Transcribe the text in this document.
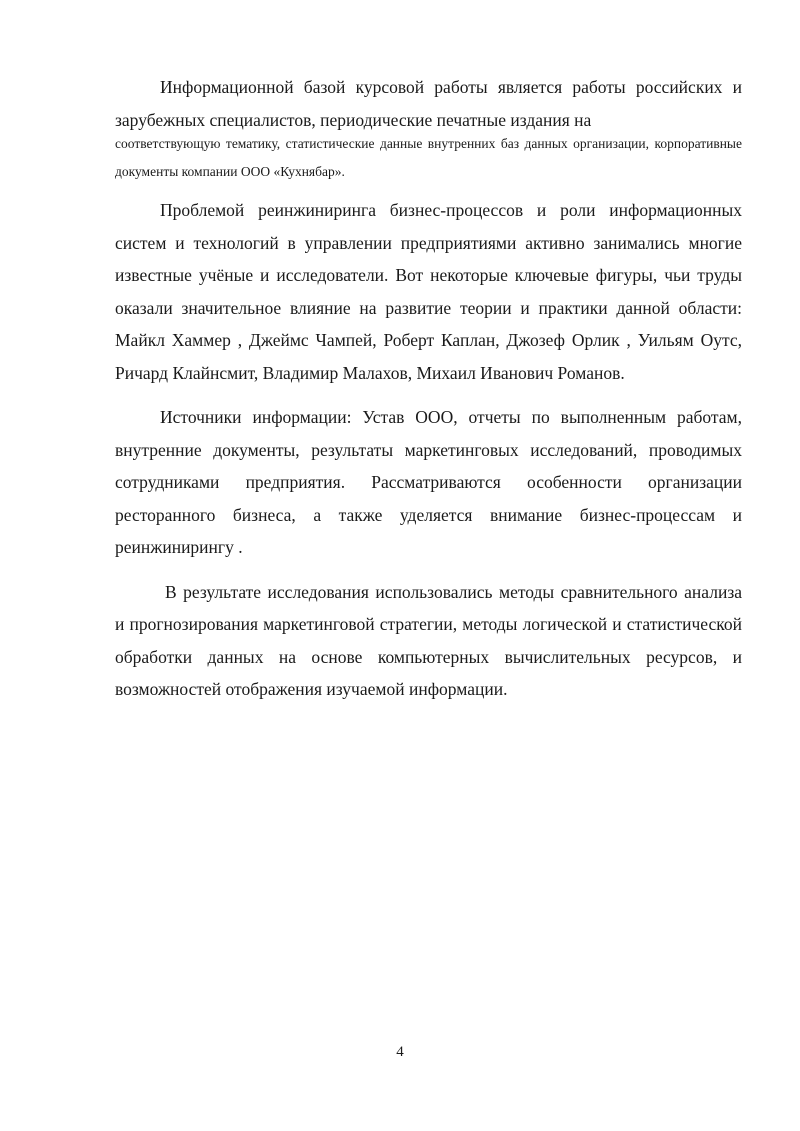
Информационной базой курсовой работы является работы российских и зарубежных специалистов, периодические печатные издания на

соответствующую тематику, статистические данные внутренних баз данных организации, корпоративные документы компании ООО «Кухнябар».

Проблемой реинжиниринга бизнес-процессов и роли информационных систем и технологий в управлении предприятиями активно занимались многие известные учёные и исследователи. Вот некоторые ключевые фигуры, чьи труды оказали значительное влияние на развитие теории и практики данной области: Майкл Хаммер , Джеймс Чампей, Роберт Каплан, Джозеф Орлик , Уильям Оутс, Ричард Клайнсмит, Владимир Малахов, Михаил Иванович Романов.

Источники информации: Устав ООО, отчеты по выполненным работам, внутренние документы, результаты маркетинговых исследований, проводимых сотрудниками предприятия. Рассматриваются особенности организации ресторанного бизнеса, а также уделяется внимание бизнес-процессам и реинжинирингу .

В результате исследования использовались методы сравнительного анализа и прогнозирования маркетинговой стратегии, методы логической и статистической обработки данных на основе компьютерных вычислительных ресурсов, и возможностей отображения изучаемой информации.

4
